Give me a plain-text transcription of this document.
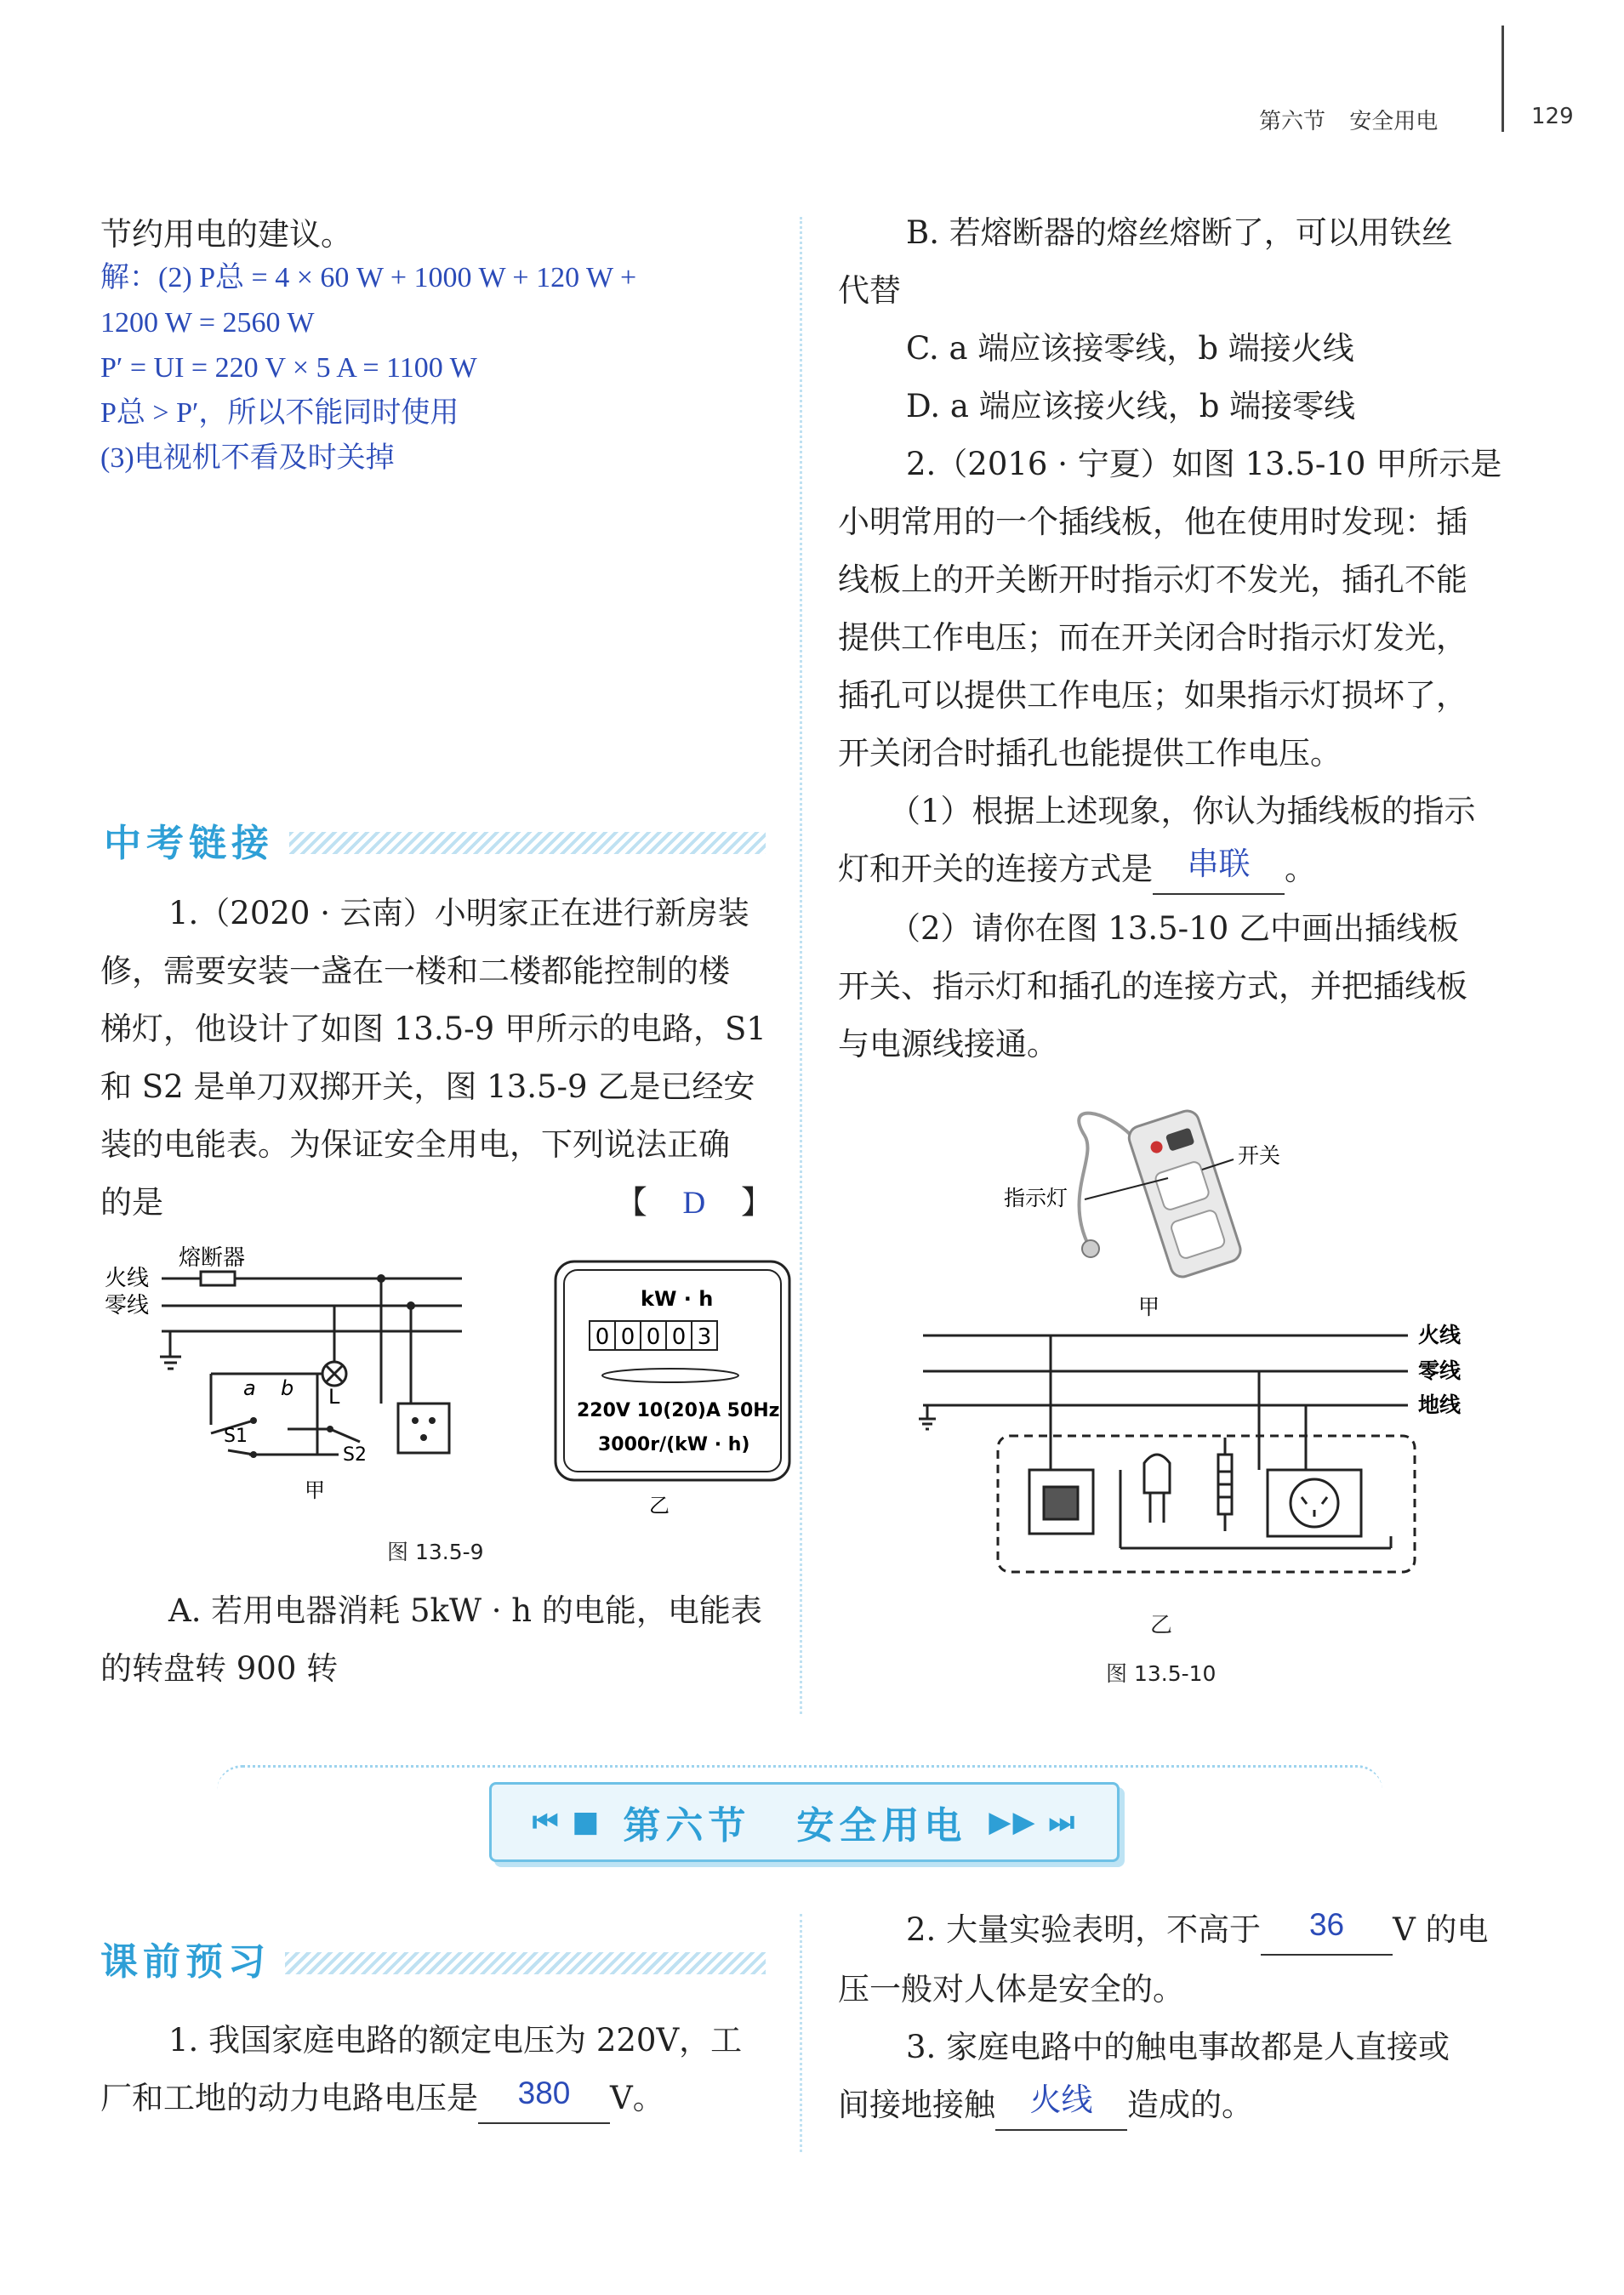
第六节 安全用电	129
节约用电的建议。
解：(2) P总 = 4 × 60 W + 1000 W + 120 W +
1200 W = 2560 W
P′ = UI = 220 V × 5 A = 1100 W
P总 > P′，所以不能同时使用
(3)电视机不看及时关掉
中考链接
1.（2020 · 云南）小明家正在进行新房装
修，需要安装一盏在一楼和二楼都能控制的楼
梯灯，他设计了如图 13.5-9 甲所示的电路，S1
和 S2 是单刀双掷开关，图 13.5-9 乙是已经安
装的电能表。为保证安全用电，下列说法正确
的是	【 D 】
熔断器
火线
零线
a b L
S1
S2
甲
kW · h
0 0 0 0 3
220V 10(20)A 50Hz
3000r/(kW · h)
乙
图 13.5-9
A. 若用电器消耗 5kW · h 的电能，电能表
的转盘转 900 转
B. 若熔断器的熔丝熔断了，可以用铁丝
代替
C. a 端应该接零线，b 端接火线
D. a 端应该接火线，b 端接零线
2.（2016 · 宁夏）如图 13.5-10 甲所示是
小明常用的一个插线板，他在使用时发现：插
线板上的开关断开时指示灯不发光，插孔不能
提供工作电压；而在开关闭合时指示灯发光，
插孔可以提供工作电压；如果指示灯损坏了，
开关闭合时插孔也能提供工作电压。
（1）根据上述现象，你认为插线板的指示
灯和开关的连接方式是 串联 。
（2）请你在图 13.5-10 乙中画出插线板
开关、指示灯和插孔的连接方式，并把插线板
与电源线接通。
指示灯
开关
甲
火线
零线
地线
乙
图 13.5-10
⏮ ■ 第六节 安全用电 ▶▶ ⏭
课前预习
1. 我国家庭电路的额定电压为 220V，工
厂和工地的动力电路电压是 380 V。
2. 大量实验表明，不高于 36 V 的电
压一般对人体是安全的。
3. 家庭电路中的触电事故都是人直接或
间接地接触 火线 造成的。
